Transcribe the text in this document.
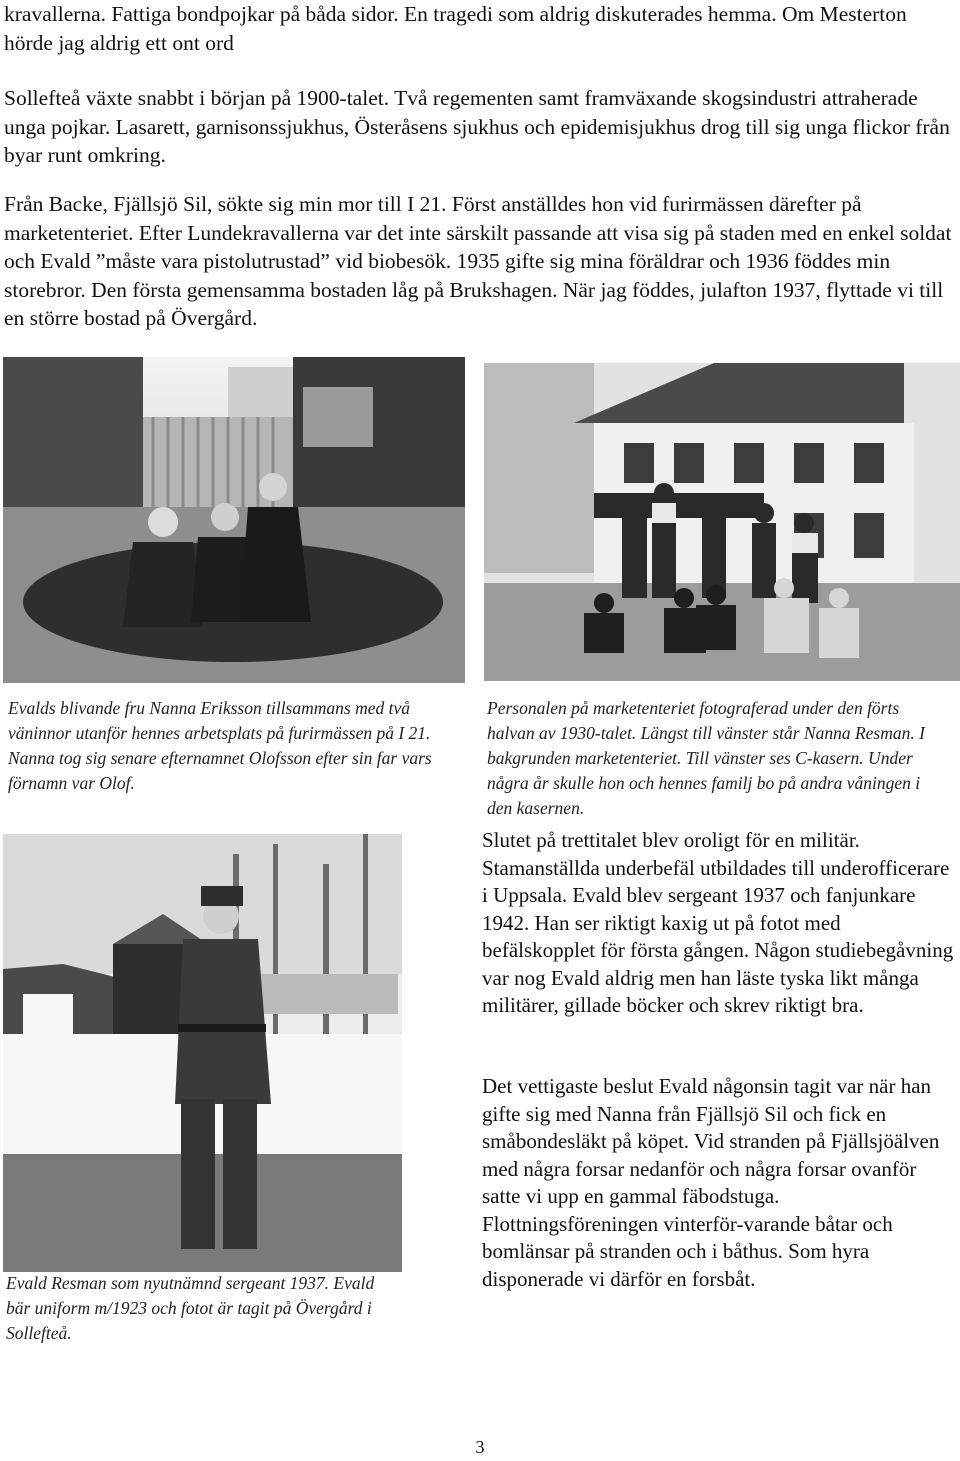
kravallerna. Fattiga bondpojkar på båda sidor. En tragedi som aldrig diskuterades hemma. Om Mesterton hörde jag aldrig ett ont ord

Sollefteå växte snabbt i början på 1900-talet. Två regementen samt framväxande skogsindustri attraherade unga pojkar. Lasarett, garnisonssjukhus, Österåsens sjukhus och epidemisjukhus drog till sig unga flickor från byar runt omkring.

Från Backe, Fjällsjö Sil, sökte sig min mor till I 21. Först anställdes hon vid furirmässen därefter på marketenteriet. Efter Lundekravallerna var det inte särskilt passande att visa sig på staden med en enkel soldat och Evald ”måste vara pistolutrustad” vid biobesök. 1935 gifte sig mina föräldrar och 1936 föddes min storebror. Den första gemensamma bostaden låg på Brukshagen. När jag föddes, julafton 1937, flyttade vi till en större bostad på Övergård.

Evalds blivande fru Nanna Eriksson tillsammans med två väninnor utanför hennes arbetsplats på furirmässen på I 21. Nanna tog sig senare efternamnet Olofsson efter sin far vars förnamn var Olof.

Personalen på marketenteriet fotograferad under den förts halvan av 1930-talet. Längst till vänster står Nanna Resman. I bakgrunden marketenteriet. Till vänster ses C-kasern. Under några år skulle hon och hennes familj bo på andra våningen i den kasernen.

Evald Resman som nyutnämnd sergeant 1937. Evald bär uniform m/1923 och fotot är tagit på Övergård i Sollefteå.

Slutet på trettitalet blev oroligt för en militär. Stamanställda underbefäl utbildades till underofficerare i Uppsala. Evald blev sergeant 1937 och fanjunkare 1942. Han ser riktigt kaxig ut på fotot med befälskopplet för första gången. Någon studiebegåvning var nog Evald aldrig men han läste tyska likt många militärer, gillade böcker och skrev riktigt bra.

Det vettigaste beslut Evald någonsin tagit var när han gifte sig med Nanna från Fjällsjö Sil och fick en småbondesläkt på köpet. Vid stranden på Fjällsjöälven med några forsar nedanför och några forsar ovanför satte vi upp en gammal fäbodstuga. Flottningsföreningen vinterför-varande båtar och bomlänsar på stranden och i båthus. Som hyra disponerade vi därför en forsbåt.

3
